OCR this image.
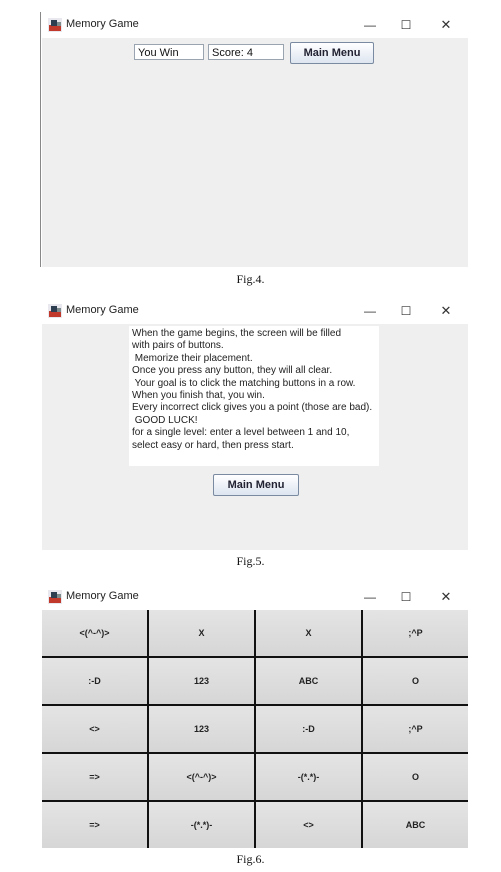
Memory Game	—	☐	✕
You Win	Score: 4	Main Menu
Fig.4.
Memory Game	—	☐	✕
When the game begins, the screen will be filled
with pairs of buttons.
Memorize their placement.
Once you press any button, they will all clear.
Your goal is to click the matching buttons in a row.
When you finish that, you win.
Every incorrect click gives you a point (those are bad).
GOOD LUCK!
for a single level: enter a level between 1 and 10,
select easy or hard, then press start.
Main Menu
Fig.5.
Memory Game	—	☐	✕
<(^-^)>	X	X	;^P
:-D	123	ABC	O
<>	123	:-D	;^P
=>	<(^-^)>	-(*.*)-	O
=>	-(*.*)-	<>	ABC
Fig.6.
